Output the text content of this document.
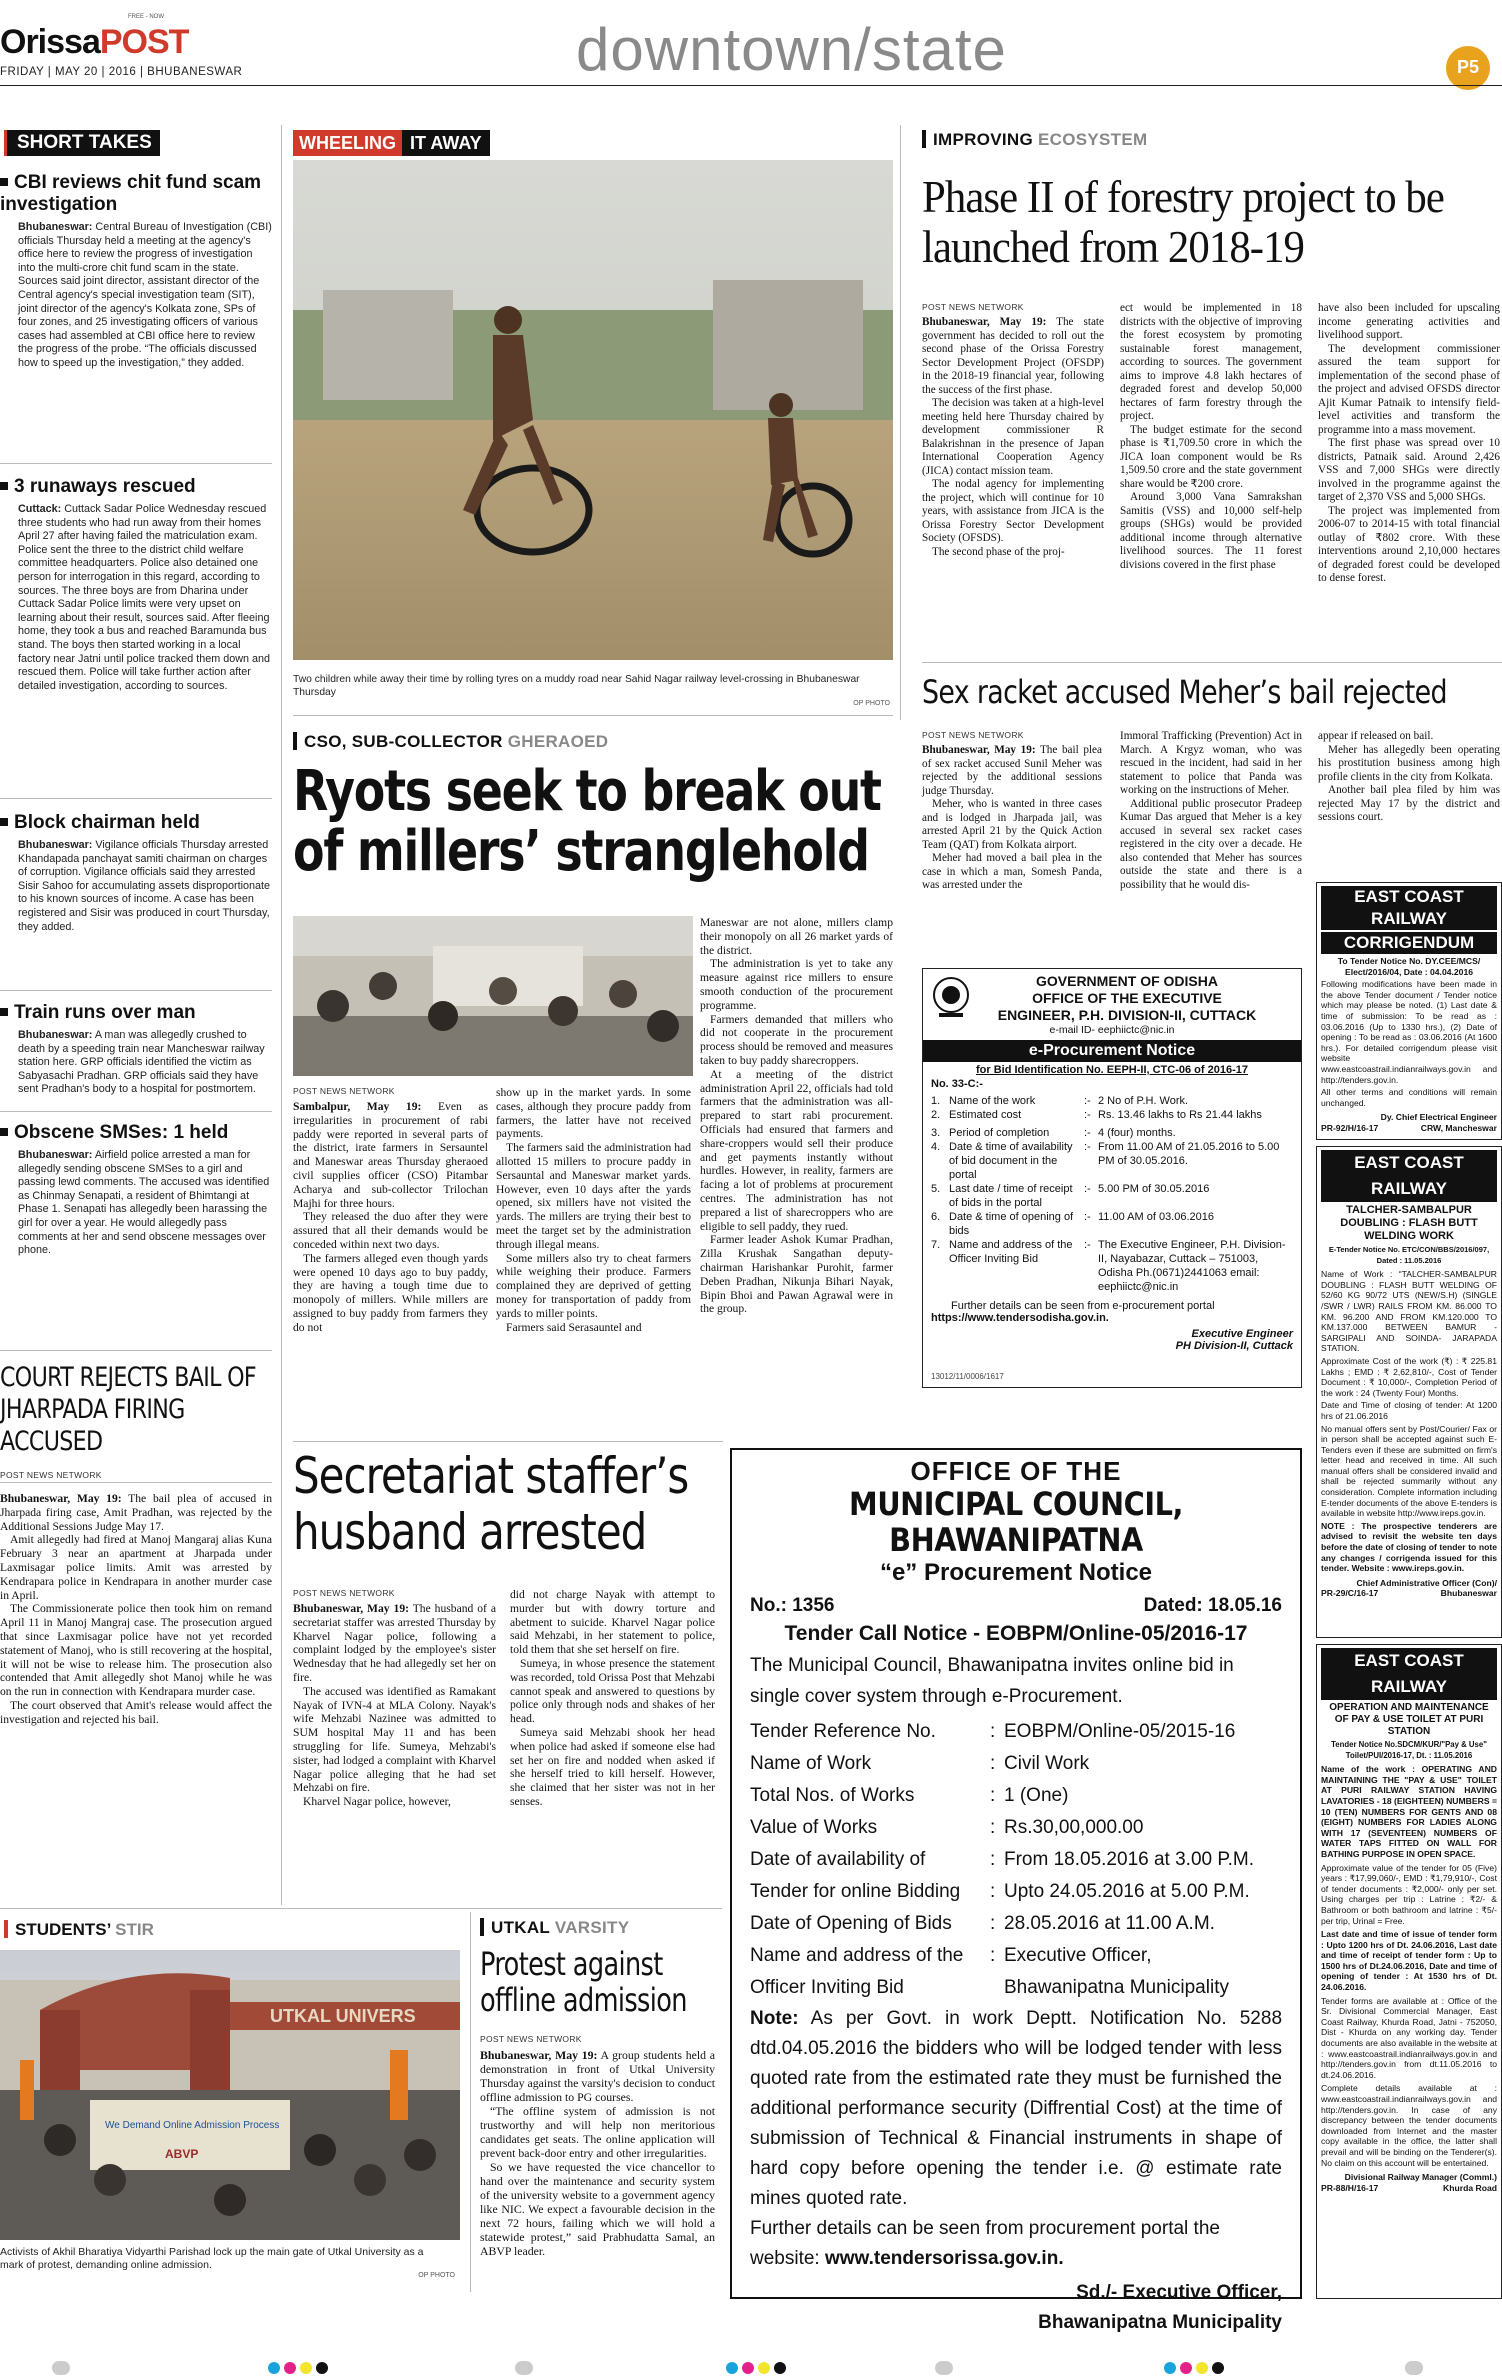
OrissaPOST
FREE - NOW
FRIDAY | MAY 20 | 2016 | BHUBANESWAR	downtown/state	P5
SHORT TAKES
CBI reviews chit fund scam investigation
Bhubaneswar: Central Bureau of Investigation (CBI) officials Thursday held a meeting at the agency's office here to review the progress of investigation into the multi-crore chit fund scam in the state. Sources said joint director, assistant director of the Central agency's special investigation team (SIT), joint director of the agency's Kolkata zone, SPs of four zones, and 25 investigating officers of various cases had assembled at CBI office here to review the progress of the probe. “The officials discussed how to speed up the investigation,” they added.
3 runaways rescued
Cuttack: Cuttack Sadar Police Wednesday rescued three students who had run away from their homes April 27 after having failed the matriculation exam. Police sent the three to the district child welfare committee headquarters. Police also detained one person for interrogation in this regard, according to sources. The three boys are from Dharina under Cuttack Sadar Police limits were very upset on learning about their result, sources said. After fleeing home, they took a bus and reached Baramunda bus stand. The boys then started working in a local factory near Jatni until police tracked them down and rescued them. Police will take further action after detailed investigation, according to sources.
Block chairman held
Bhubaneswar: Vigilance officials Thursday arrested Khandapada panchayat samiti chairman on charges of corruption. Vigilance officials said they arrested Sisir Sahoo for accumulating assets disproportionate to his known sources of income. A case has been registered and Sisir was produced in court Thursday, they added.
Train runs over man
Bhubaneswar: A man was allegedly crushed to death by a speeding train near Mancheswar railway station here. GRP officials identified the victim as Sabyasachi Pradhan. GRP officials said they have sent Pradhan's body to a hospital for postmortem.
Obscene SMSes: 1 held
Bhubaneswar: Airfield police arrested a man for allegedly sending obscene SMSes to a girl and passing lewd comments. The accused was identified as Chinmay Senapati, a resident of Bhimtangi at Phase 1. Senapati has allegedly been harassing the girl for over a year. He would allegedly pass comments at her and send obscene messages over phone.
COURT REJECTS BAIL OF JHARPADA FIRING ACCUSED
POST NEWS NETWORK

Bhubaneswar, May 19: The bail plea of accused in Jharpada firing case, Amit Pradhan, was rejected by the Additional Sessions Judge May 17.

Amit allegedly had fired at Manoj Mangaraj alias Kuna February 3 near an apartment at Jharpada under Laxmisagar police limits. Amit was arrested by Kendrapara police in Kendrapara in another murder case in April.

The Commissionerate police then took him on remand April 11 in Manoj Mangraj case. The prosecution argued that since Laxmisagar police have not yet recorded statement of Manoj, who is still recovering at the hospital, it will not be wise to release him. The prosecution also contended that Amit allegedly shot Manoj while he was on the run in connection with Kendrapara murder case.

The court observed that Amit's release would affect the investigation and rejected his bail.

STUDENTS’ STIR
UTKAL UNIVERS
We Demand Online Admission Process
ABVP
Activists of Akhil Bharatiya Vidyarthi Parishad lock up the main gate of Utkal University as a mark of protest, demanding online admission.
OP PHOTO
WHEELING IT AWAY
Two children while away their time by rolling tyres on a muddy road near Sahid Nagar railway level-crossing in Bhubaneswar Thursday
OP PHOTO
CSO, SUB-COLLECTOR GHERAOED
Ryots seek to break out of millers’ stranglehold
POST NEWS NETWORK

Sambalpur, May 19: Even as irregularities in procurement of rabi paddy were reported in several parts of the district, irate farmers in Sersauntel and Maneswar areas Thursday gheraoed civil supplies officer (CSO) Pitambar Acharya and sub-collector Trilochan Majhi for three hours.

They released the duo after they were assured that all their demands would be conceded within next two days.

The farmers alleged even though yards were opened 10 days ago to buy paddy, they are having a tough time due to monopoly of millers. While millers are assigned to buy paddy from farmers they do not

show up in the market yards. In some cases, although they procure paddy from farmers, the latter have not received payments.

The farmers said the administration had allotted 15 millers to procure paddy in Sersauntal and Maneswar market yards. However, even 10 days after the yards opened, six millers have not visited the yards. The millers are trying their best to meet the target set by the administration through illegal means.

Some millers also try to cheat farmers while weighing their produce. Farmers complained they are deprived of getting money for transportation of paddy from yards to miller points.

Farmers said Serasauntel and

Maneswar are not alone, millers clamp their monopoly on all 26 market yards of the district.

The administration is yet to take any measure against rice millers to ensure smooth conduction of the procurement programme.

Farmers demanded that millers who did not cooperate in the procurement process should be removed and measures taken to buy paddy sharecroppers.

At a meeting of the district administration April 22, officials had told farmers that the administration was all-prepared to start rabi procurement. Officials had ensured that farmers and share-croppers would sell their produce and get payments instantly without hurdles. However, in reality, farmers are facing a lot of problems at procurement centres. The administration has not prepared a list of sharecroppers who are eligible to sell paddy, they rued.

Farmer leader Ashok Kumar Pradhan, Zilla Krushak Sangathan deputy-chairman Harishankar Purohit, farmer Deben Pradhan, Nikunja Bihari Nayak, Bipin Bhoi and Pawan Agrawal were in the group.

Secretariat staffer’s husband arrested
POST NEWS NETWORK

Bhubaneswar, May 19: The husband of a secretariat staffer was arrested Thursday by Kharvel Nagar police, following a complaint lodged by the employee's sister Wednesday that he had allegedly set her on fire.

The accused was identified as Ramakant Nayak of IVN-4 at MLA Colony. Nayak's wife Mehzabi Nazinee was admitted to SUM hospital May 11 and has been struggling for life. Sumeya, Mehzabi's sister, had lodged a complaint with Kharvel Nagar police alleging that he had set Mehzabi on fire.

Kharvel Nagar police, however,

did not charge Nayak with attempt to murder but with dowry torture and abetment to suicide. Kharvel Nagar police said Mehzabi, in her statement to police, told them that she set herself on fire.

Sumeya, in whose presence the statement was recorded, told Orissa Post that Mehzabi cannot speak and answered to questions by police only through nods and shakes of her head.

Sumeya said Mehzabi shook her head when police had asked if someone else had set her on fire and nodded when asked if she herself tried to kill herself. However, she claimed that her sister was not in her senses.

UTKAL VARSITY
Protest against offline admission
POST NEWS NETWORK

Bhubaneswar, May 19: A group students held a demonstration in front of Utkal University Thursday against the varsity's decision to conduct offline admission to PG courses.

“The offline system of admission is not trustworthy and will help non meritorious candidates get seats. The online application will prevent back-door entry and other irregularities.

So we have requested the vice chancellor to hand over the maintenance and security system of the university website to a government agency like NIC. We expect a favourable decision in the next 72 hours, failing which we will hold a statewide protest,” said Prabhudatta Samal, an ABVP leader.

IMPROVING ECOSYSTEM
Phase II of forestry project to be launched from 2018-19
POST NEWS NETWORK

Bhubaneswar, May 19: The state government has decided to roll out the second phase of the Orissa Forestry Sector Development Project (OFSDP) in the 2018-19 financial year, following the success of the first phase.

The decision was taken at a high-level meeting held here Thursday chaired by development commissioner R Balakrishnan in the presence of Japan International Cooperation Agency (JICA) contact mission team.

The nodal agency for implementing the project, which will continue for 10 years, with assistance from JICA is the Orissa Forestry Sector Development Society (OFSDS).

The second phase of the proj-

ect would be implemented in 18 districts with the objective of improving the forest ecosystem by promoting sustainable forest management, according to sources. The government aims to improve 4.8 lakh hectares of degraded forest and develop 50,000 hectares of farm forestry through the project.

The budget estimate for the second phase is ₹1,709.50 crore in which the JICA loan component would be Rs 1,509.50 crore and the state government share would be ₹200 crore.

Around 3,000 Vana Samrakshan Samitis (VSS) and 10,000 self-help groups (SHGs) would be provided additional income through alternative livelihood sources. The 11 forest divisions covered in the first phase

have also been included for upscaling income generating activities and livelihood support.

The development commissioner assured the team support for implementation of the second phase of the project and advised OFSDS director Ajit Kumar Patnaik to intensify field-level activities and transform the programme into a mass movement.

The first phase was spread over 10 districts, Patnaik said. Around 2,426 VSS and 7,000 SHGs were directly involved in the programme against the target of 2,370 VSS and 5,000 SHGs.

The project was implemented from 2006-07 to 2014-15 with total financial outlay of ₹802 crore. With these interventions around 2,10,000 hectares of degraded forest could be developed to dense forest.

Sex racket accused Meher’s bail rejected
POST NEWS NETWORK

Bhubaneswar, May 19: The bail plea of sex racket accused Sunil Meher was rejected by the additional sessions judge Thursday.

Meher, who is wanted in three cases and is lodged in Jharpada jail, was arrested April 21 by the Quick Action Team (QAT) from Kolkata airport.

Meher had moved a bail plea in the case in which a man, Somesh Panda, was arrested under the

Immoral Trafficking (Prevention) Act in March. A Krgyz woman, who was rescued in the incident, had said in her statement to police that Panda was working on the instructions of Meher.

Additional public prosecutor Pradeep Kumar Das argued that Meher is a key accused in several sex racket cases registered in the city over a decade. He also contended that Meher has sources outside the state and there is a possibility that he would dis-

appear if released on bail.

Meher has allegedly been operating his prostitution business among high profile clients in the city from Kolkata.

Another bail plea filed by him was rejected May 17 by the district and sessions court.

GOVERNMENT OF ODISHA
OFFICE OF THE EXECUTIVE
ENGINEER, P.H. DIVISION-II, CUTTACK
e-mail ID- eephiictc@nic.in
e-Procurement Notice
for Bid Identification No. EEPH-II, CTC-06 of 2016-17
No. 33-C:-
1. Name of the work	:- 2 No of P.H. Work.
2. Estimated cost	:- Rs. 13.46 lakhs to Rs 21.44 lakhs
3. Period of completion	:- 4 (four) months.
4. Date & time of availability of bid document in the portal
:- From 11.00 AM of 21.05.2016 to 5.00 PM of 30.05.2016.
5. Last date / time of receipt of bids in the portal
:- 5.00 PM of 30.05.2016
6. Date & time of opening of bids
:- 11.00 AM of 03.06.2016
7. Name and address of the Officer Inviting Bid
:- The Executive Engineer, P.H. Division-II, Nayabazar, Cuttack – 751003, Odisha Ph.(0671)2441063 email: eephiictc@nic.in
Further details can be seen from e-procurement portal https://www.tendersodisha.gov.in.
Executive Engineer
PH Division-II, Cuttack
13012/11/0006/1617
OFFICE OF THE
MUNICIPAL COUNCIL, BHAWANIPATNA
“e” Procurement Notice
No.: 1356	Dated: 18.05.16
Tender Call Notice - EOBPM/Online-05/2016-17
The Municipal Council, Bhawanipatna invites online bid in single cover system through e-Procurement.
Tender Reference No.	: EOBPM/Online-05/2015-16
Name of Work	: Civil Work
Total Nos. of Works	: 1 (One)
Value of Works	: Rs.30,00,000.00
Date of availability of	: From 18.05.2016 at 3.00 P.M.
Tender for online Bidding	: Upto 24.05.2016 at 5.00 P.M.
Date of Opening of Bids	: 28.05.2016 at 11.00 A.M.
Name and address of the	: Executive Officer,
Officer Inviting Bid	Bhawanipatna Municipality
Note: As per Govt. in work Deptt. Notification No. 5288 dtd.04.05.2016 the bidders who will be lodged tender with less quoted rate from the estimated rate they must be furnished the additional performance security (Diffrential Cost) at the time of submission of Technical & Financial instruments in shape of hard copy before opening the tender i.e. @ estimate rate mines quoted rate.
Further details can be seen from procurement portal the website: www.tendersorissa.gov.in.
Sd./- Executive Officer,
Bhawanipatna Municipality
EAST COAST RAILWAY
CORRIGENDUM
To Tender Notice No. DY.CEE/MCS/ Elect/2016/04, Date : 04.04.2016
Following modifications have been made in the above Tender document / Tender notice which may please be noted. (1) Last date & time of submission: To be read as : 03.06.2016 (Up to 1330 hrs.), (2) Date of opening : To be read as : 03.06.2016 (At 1600 hrs.). For detailed corrigendum please visit website www.eastcoastrail.indianrailways.gov.in and http://tenders.gov.in.
All other terms and conditions will remain unchanged.
Dy. Chief Electrical Engineer
PR-92/H/16-17	CRW, Mancheswar
EAST COAST RAILWAY
TALCHER-SAMBALPUR DOUBLING : FLASH BUTT WELDING WORK
E-Tender Notice No. ETC/CON/BBS/2016/097, Dated : 11.05.2016
Name of Work : “TALCHER-SAMBALPUR DOUBLING : FLASH BUTT WELDING OF 52/60 KG 90/72 UTS (NEW/S.H) (SINGLE /SWR / LWR) RAILS FROM KM. 86.000 TO KM. 96.200 AND FROM KM.120.000 TO KM.137.000 BETWEEN BAMUR - SARGIPALI AND SOINDA- JARAPADA STATION.
Approximate Cost of the work (₹) : ₹ 225.81 Lakhs ; EMD : ₹ 2,62,810/-, Cost of Tender Document : ₹ 10,000/-, Completion Period of the work : 24 (Twenty Four) Months.
Date and Time of closing of tender: At 1200 hrs of 21.06.2016
No manual offers sent by Post/Courier/ Fax or in person shall be accepted against such E-Tenders even if these are submitted on firm's letter head and received in time. All such manual offers shall be considered invalid and shall be rejected summarily without any consideration. Complete information including E-tender documents of the above E-tenders is available in website http://www.ireps.gov.in.
NOTE : The prospective tenderers are advised to revisit the website ten days before the date of closing of tender to note any changes / corrigenda issued for this tender. Website : www.ireps.gov.in.
Chief Administrative Officer (Con)/
PR-29/C/16-17	Bhubaneswar
EAST COAST RAILWAY
OPERATION AND MAINTENANCE OF PAY & USE TOILET AT PURI STATION
Tender Notice No.SDCM/KUR/"Pay & Use" Toilet/PUI/2016-17, Dt. : 11.05.2016
Name of the work : OPERATING AND MAINTAINING THE "PAY & USE" TOILET AT PURI RAILWAY STATION HAVING LAVATORIES - 18 (EIGHTEEN) NUMBERS = 10 (TEN) NUMBERS FOR GENTS AND 08 (EIGHT) NUMBERS FOR LADIES ALONG WITH 17 (SEVENTEEN) NUMBERS OF WATER TAPS FITTED ON WALL FOR BATHING PURPOSE IN OPEN SPACE.
Approximate value of the tender for 05 (Five) years : ₹17,99,060/-, EMD : ₹1,79,910/-, Cost of tender documents : ₹2,000/- only per set. Using charges per trip : Latrine : ₹2/- & Bathroom or both bathroom and latrine : ₹5/- per trip, Urinal = Free.
Last date and time of issue of tender form : Upto 1200 hrs of Dt. 24.06.2016, Last date and time of receipt of tender form : Up to 1500 hrs of Dt.24.06.2016, Date and time of opening of tender : At 1530 hrs of Dt. 24.06.2016.
Tender forms are available at : Office of the Sr. Divisional Commercial Manager, East Coast Railway, Khurda Road, Jatni - 752050, Dist - Khurda on any working day. Tender documents are also available in the website at : www.eastcoastrail.indianrailways.gov.in and http://tenders.gov.in from dt.11.05.2016 to dt.24.06.2016.
Complete details available at : www.eastcoastrail.indianrailways.gov.in and http://tenders.gov.in. In case of any discrepancy between the tender documents downloaded from Internet and the master copy available in the office, the latter shall prevail and will be binding on the Tenderer(s). No claim on this account will be entertained.
Divisional Railway Manager (Comml.)
PR-88/H/16-17	Khurda Road
